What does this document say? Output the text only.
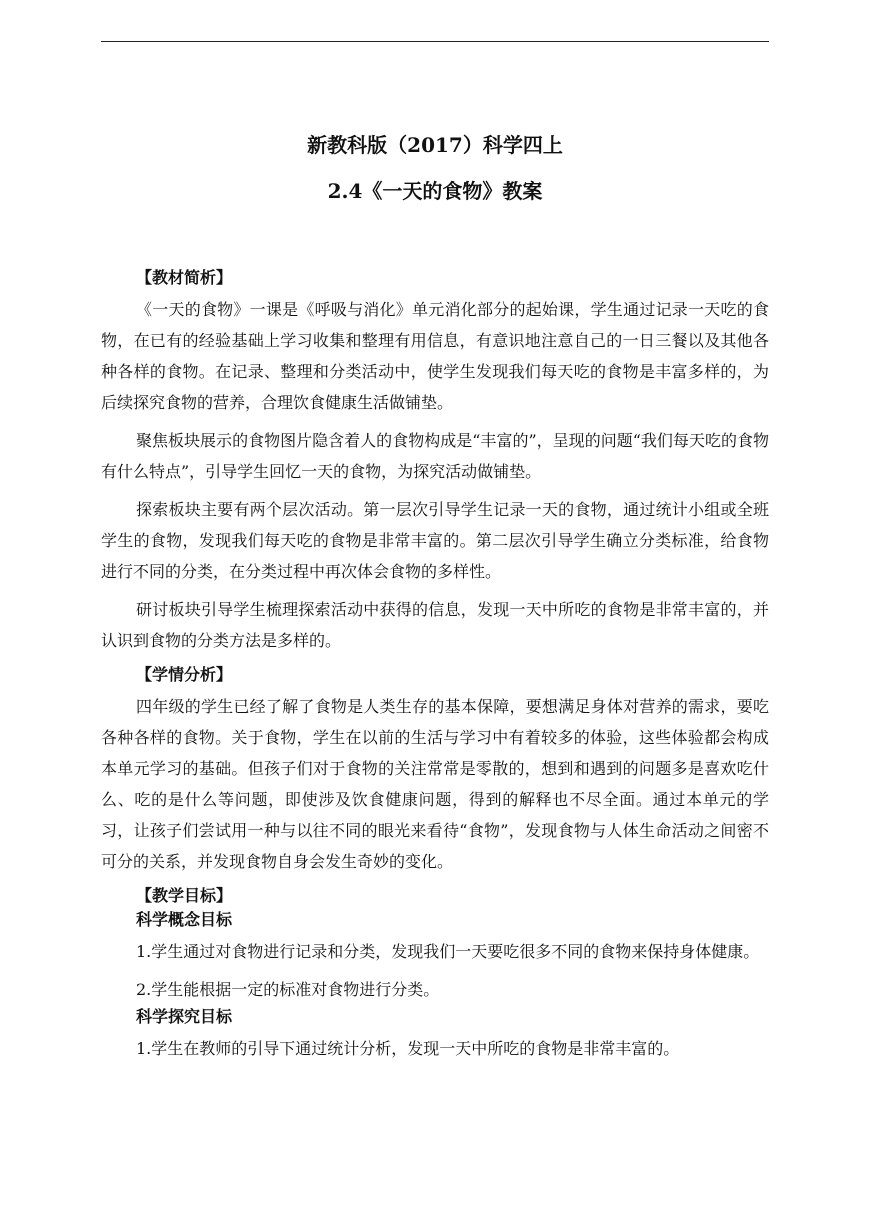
新教科版（2017）科学四上

2.4《一天的食物》教案

【教材简析】

《一天的食物》一课是《呼吸与消化》单元消化部分的起始课，学生通过记录一天吃的食物，在已有的经验基础上学习收集和整理有用信息，有意识地注意自己的一日三餐以及其他各种各样的食物。在记录、整理和分类活动中，使学生发现我们每天吃的食物是丰富多样的，为后续探究食物的营养，合理饮食健康生活做铺垫。

聚焦板块展示的食物图片隐含着人的食物构成是“丰富的”，呈现的问题“我们每天吃的食物有什么特点”，引导学生回忆一天的食物，为探究活动做铺垫。

探索板块主要有两个层次活动。第一层次引导学生记录一天的食物，通过统计小组或全班学生的食物，发现我们每天吃的食物是非常丰富的。第二层次引导学生确立分类标准，给食物进行不同的分类，在分类过程中再次体会食物的多样性。

研讨板块引导学生梳理探索活动中获得的信息，发现一天中所吃的食物是非常丰富的，并认识到食物的分类方法是多样的。

【学情分析】

四年级的学生已经了解了食物是人类生存的基本保障，要想满足身体对营养的需求，要吃各种各样的食物。关于食物，学生在以前的生活与学习中有着较多的体验，这些体验都会构成本单元学习的基础。但孩子们对于食物的关注常常是零散的，想到和遇到的问题多是喜欢吃什么、吃的是什么等问题，即使涉及饮食健康问题，得到的解释也不尽全面。通过本单元的学习，让孩子们尝试用一种与以往不同的眼光来看待“食物”，发现食物与人体生命活动之间密不可分的关系，并发现食物自身会发生奇妙的变化。

【教学目标】

科学概念目标

1.学生通过对食物进行记录和分类，发现我们一天要吃很多不同的食物来保持身体健康。

2.学生能根据一定的标准对食物进行分类。

科学探究目标

1.学生在教师的引导下通过统计分析，发现一天中所吃的食物是非常丰富的。
